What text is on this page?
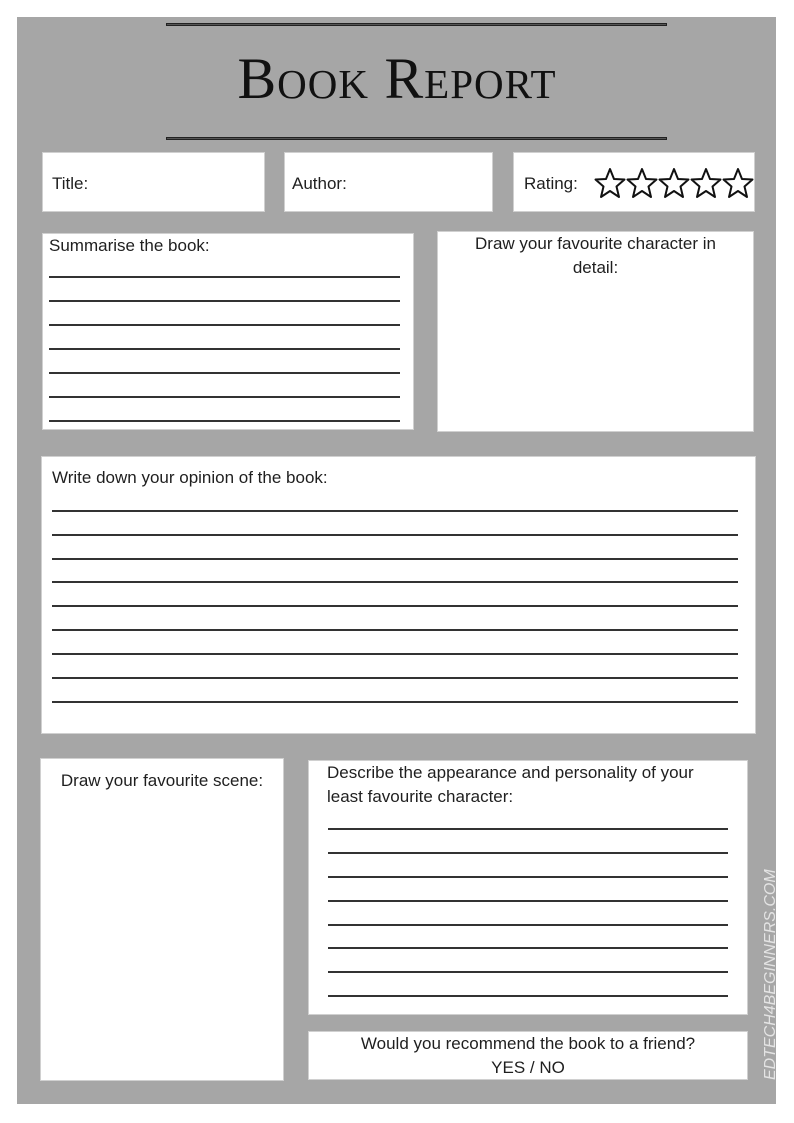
Book Report
Title:	Author:	Rating:
Summarise the book:	Draw your favourite character in detail:
Write down your opinion of the book:
Draw your favourite scene:	Describe the appearance and personality of your least favourite character:
Would you recommend the book to a friend?
YES / NO	EDTECH4BEGINNERS.COM
